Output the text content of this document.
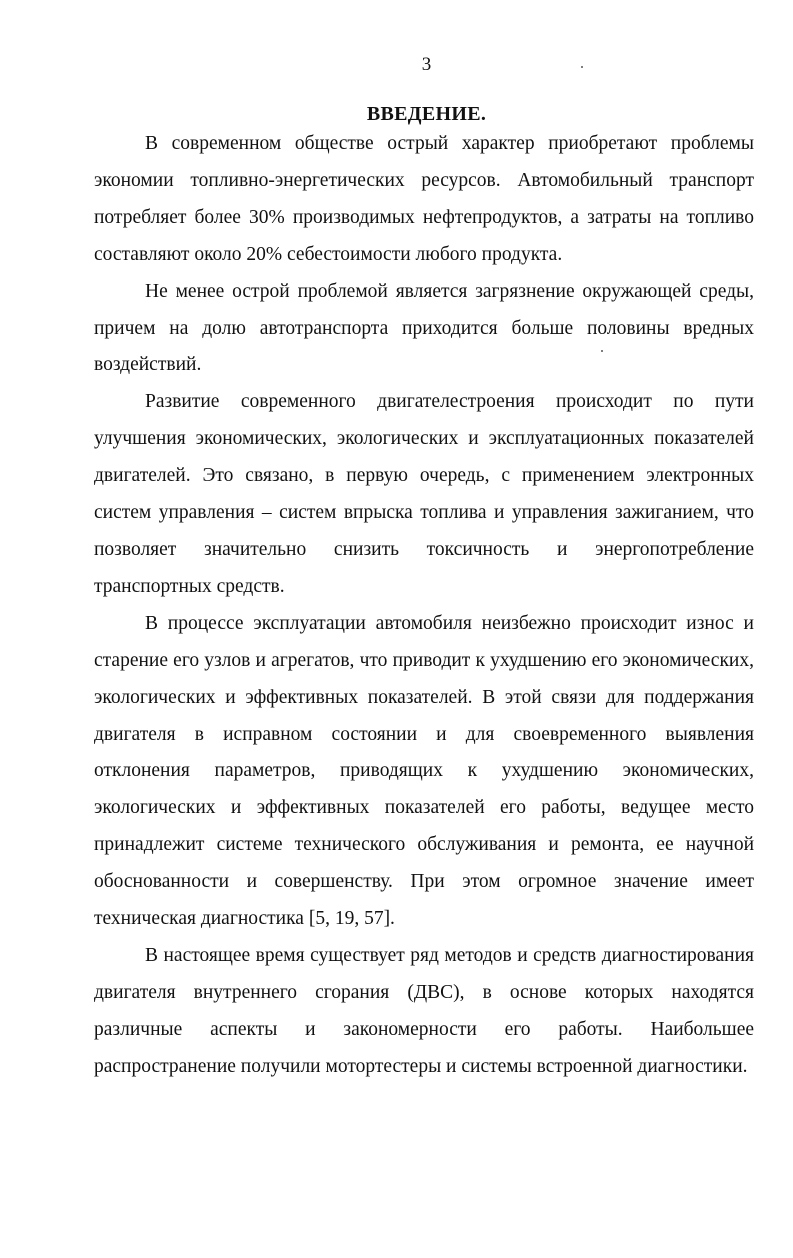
3
ВВЕДЕНИЕ.

В современном обществе острый характер приобретают проблемы экономии топливно-энергетических ресурсов. Автомобильный транспорт потребляет более 30% производимых нефтепродуктов, а затраты на топливо составляют около 20% себестоимости любого продукта.

Не менее острой проблемой является загрязнение окружающей среды, причем на долю автотранспорта приходится больше половины вредных воздействий.

Развитие современного двигателестроения происходит по пути улучшения экономических, экологических и эксплуатационных показателей двигателей. Это связано, в первую очередь, с применением электронных систем управления – систем впрыска топлива и управления зажиганием, что позволяет значительно снизить токсичность и энергопотребление транспортных средств.

В процессе эксплуатации автомобиля неизбежно происходит износ и старение его узлов и агрегатов, что приводит к ухудшению его экономических, экологических и эффективных показателей. В этой связи для поддержания двигателя в исправном состоянии и для своевременного выявления отклонения параметров, приводящих к ухудшению экономических, экологических и эффективных показателей его работы, ведущее место принадлежит системе технического обслуживания и ремонта, ее научной обоснованности и совершенству. При этом огромное значение имеет техническая диагностика [5, 19, 57].

В настоящее время существует ряд методов и средств диагностирования двигателя внутреннего сгорания (ДВС), в основе которых находятся различные аспекты и закономерности его работы. Наибольшее распространение получили мотортестеры и системы встроенной диагностики.
